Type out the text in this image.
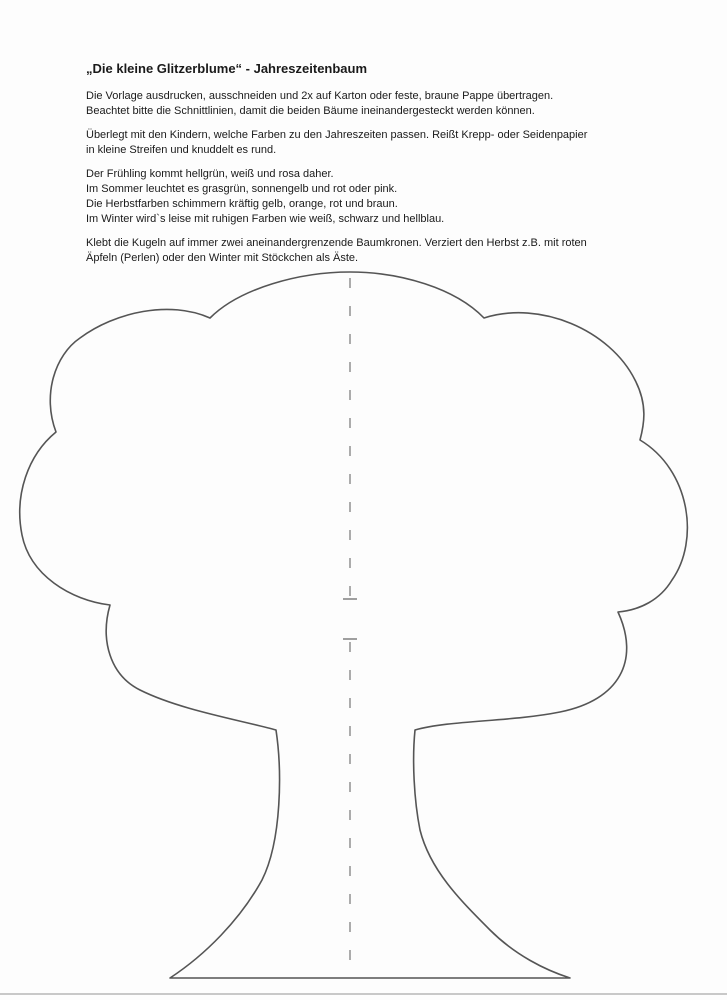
„Die kleine Glitzerblume“ - Jahreszeitenbaum
Die Vorlage ausdrucken, ausschneiden und 2x auf Karton oder feste, braune Pappe übertragen.
Beachtet bitte die Schnittlinien, damit die beiden Bäume ineinandergesteckt werden können.
Überlegt mit den Kindern, welche Farben zu den Jahreszeiten passen. Reißt Krepp- oder Seidenpapier
in kleine Streifen und knuddelt es rund.
Der Frühling kommt hellgrün, weiß und rosa daher.
Im Sommer leuchtet es grasgrün, sonnengelb und rot oder pink.
Die Herbstfarben schimmern kräftig gelb, orange, rot und braun.
Im Winter wird`s leise mit ruhigen Farben wie weiß, schwarz und hellblau.
Klebt die Kugeln auf immer zwei aneinandergrenzende Baumkronen. Verziert den Herbst z.B. mit roten
Äpfeln (Perlen) oder den Winter mit Stöckchen als Äste.
